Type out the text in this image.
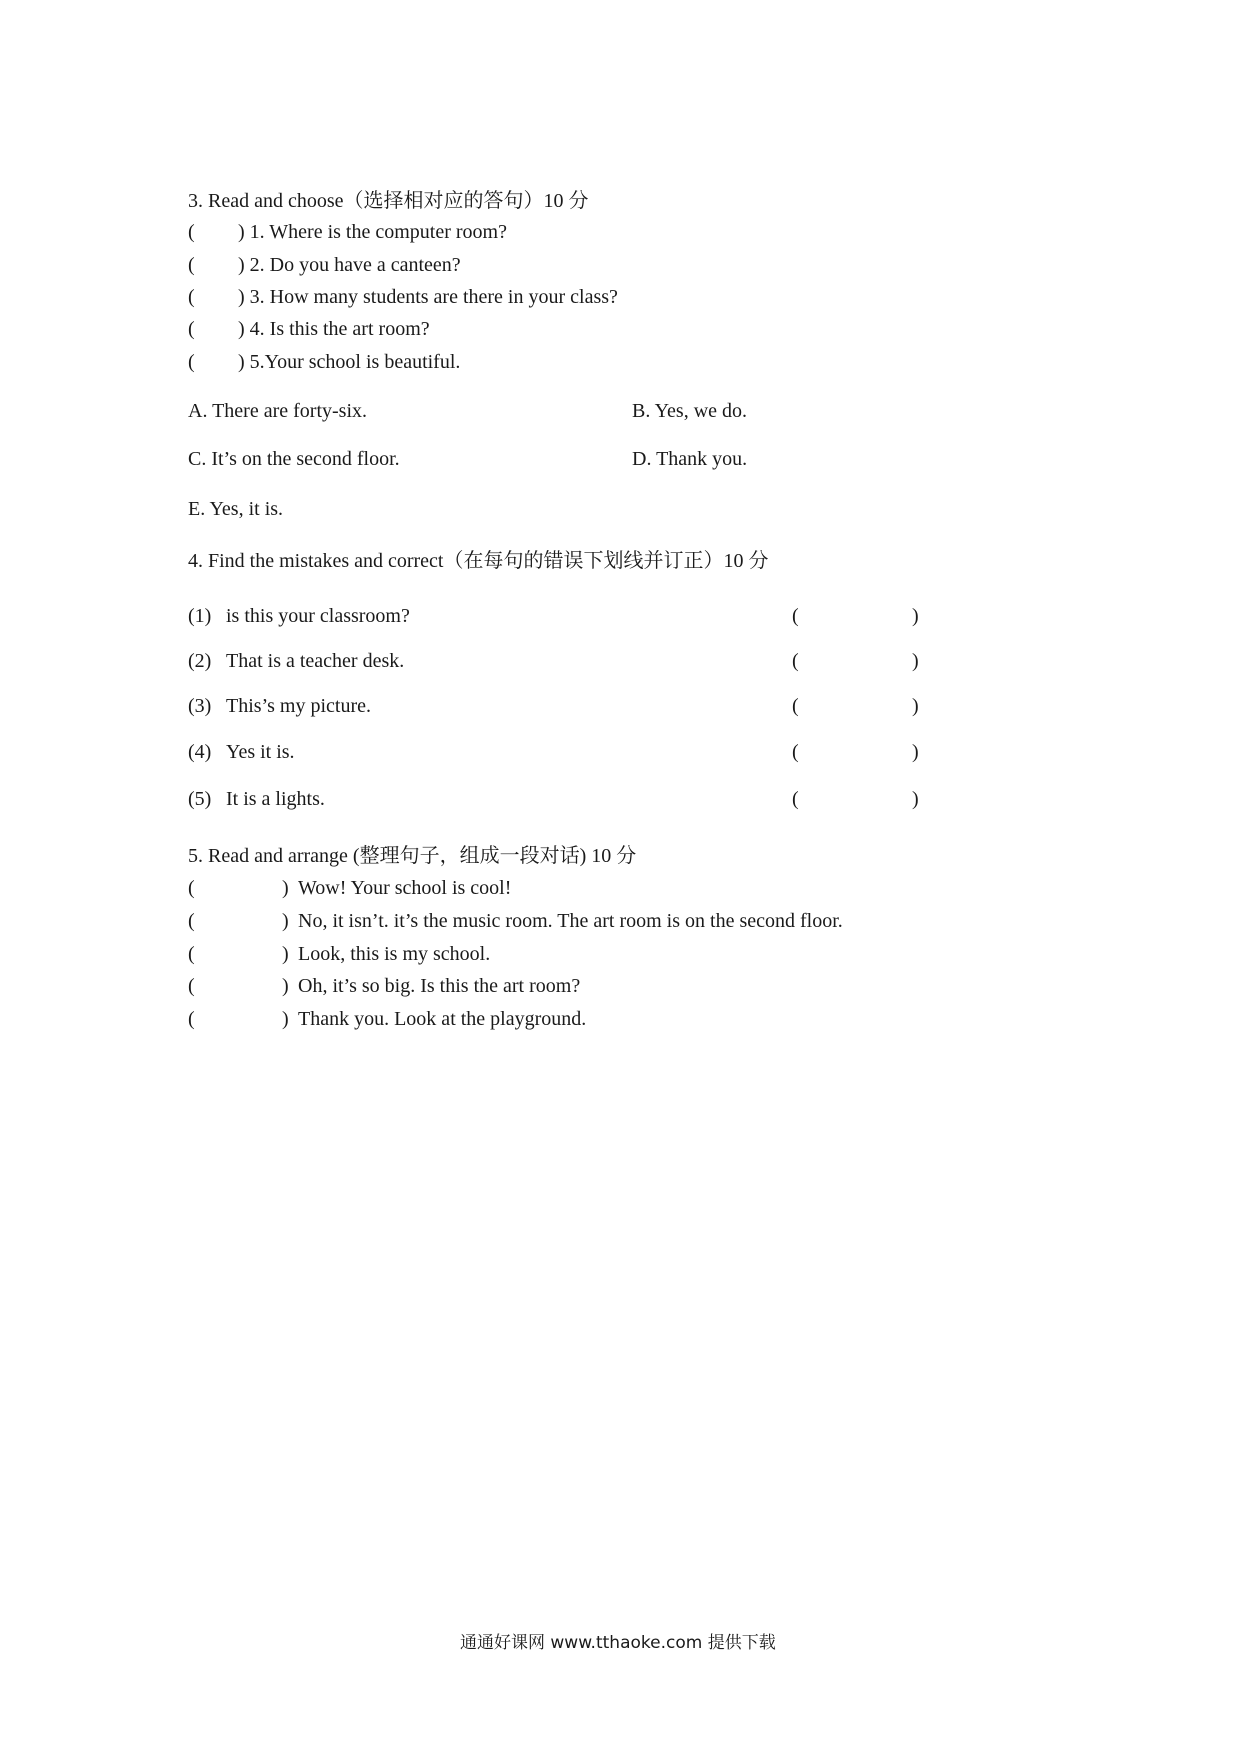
3. Read and choose（选择相对应的答句）10 分
( ) 1. Where is the computer room?
( ) 2. Do you have a canteen?
( ) 3. How many students are there in your class?
( ) 4. Is this the art room?
( ) 5.Your school is beautiful.
A. There are forty-six.	B. Yes, we do.
C. It’s on the second floor.	D. Thank you.
E. Yes, it is.
4. Find the mistakes and correct（在每句的错误下划线并订正）10 分
(1) is this your classroom?	(	)
(2) That is a teacher desk.	(	)
(3) This’s my picture.	(	)
(4) Yes it is.	(	)
(5) It is a lights.	(	)
5. Read and arrange (整理句子，组成一段对话) 10 分
(	) Wow! Your school is cool!
(	) No, it isn’t. it’s the music room. The art room is on the second floor.
(	) Look, this is my school.
(	) Oh, it’s so big. Is this the art room?
(	) Thank you. Look at the playground.
通通好课网 www.tthaoke.com 提供下载
